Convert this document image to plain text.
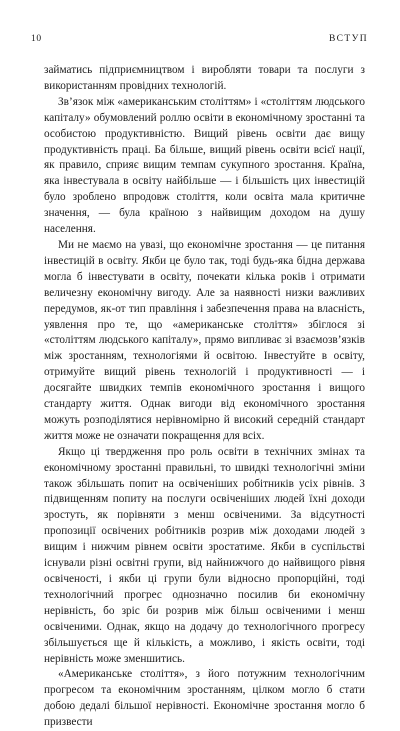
10	ВСТУП

займатись підприємництвом і виробляти товари та послуги з використанням провідних технологій.

Зв’язок між «американським століттям» і «століттям людського капіталу» обумовлений роллю освіти в економічному зростанні та особистою продуктивністю. Вищий рівень освіти дає вищу продуктивність праці. Ба більше, вищий рівень освіти всієї нації, як правило, сприяє вищим темпам сукупного зростання. Країна, яка інвестувала в освіту найбільше — і більшість цих інвестицій було зроблено впродовж століття, коли освіта мала критичне значення, — була країною з найвищим доходом на душу населення.

Ми не маємо на увазі, що економічне зростання — це питання інвестицій в освіту. Якби це було так, тоді будь-яка бідна держава могла б інвестувати в освіту, почекати кілька років і отримати величезну економічну вигоду. Але за наявності низки важливих передумов, як-от тип правління і забезпечення права на власність, уявлення про те, що «американське століття» збіглося зі «століттям людського капіталу», прямо випливає зі взаємозв’язків між зростанням, технологіями й освітою. Інвестуйте в освіту, отримуйте вищий рівень технологій і продуктивності — і досягайте швидких темпів економічного зростання і вищого стандарту життя. Однак вигоди від економічного зростання можуть розподілятися нерівномірно й високий середній стандарт життя може не означати покращення для всіх.

Якщо ці твердження про роль освіти в технічних змінах та економічному зростанні правильні, то швидкі технологічні зміни також збільшать попит на освіченіших робітників усіх рівнів. З підвищенням попиту на послуги освіченіших людей їхні доходи зростуть, як порівняти з менш освіченими. За відсутності пропозиції освічених робітників розрив між доходами людей з вищим і нижчим рівнем освіти зростатиме. Якби в суспільстві існували різні освітні групи, від найнижчого до найвищого рівня освіченості, і якби ці групи були відносно пропорційні, тоді технологічний прогрес однозначно посилив би економічну нерівність, бо зріс би розрив між більш освіченими і менш освіченими. Однак, якщо на додачу до технологічного прогресу збільшується ще й кількість, а можливо, і якість освіти, тоді нерівність може зменшитись.

«Американське століття», з його потужним технологічним прогресом та економічним зростанням, цілком могло б стати добою дедалі більшої нерівності. Економічне зростання могло б призвести
